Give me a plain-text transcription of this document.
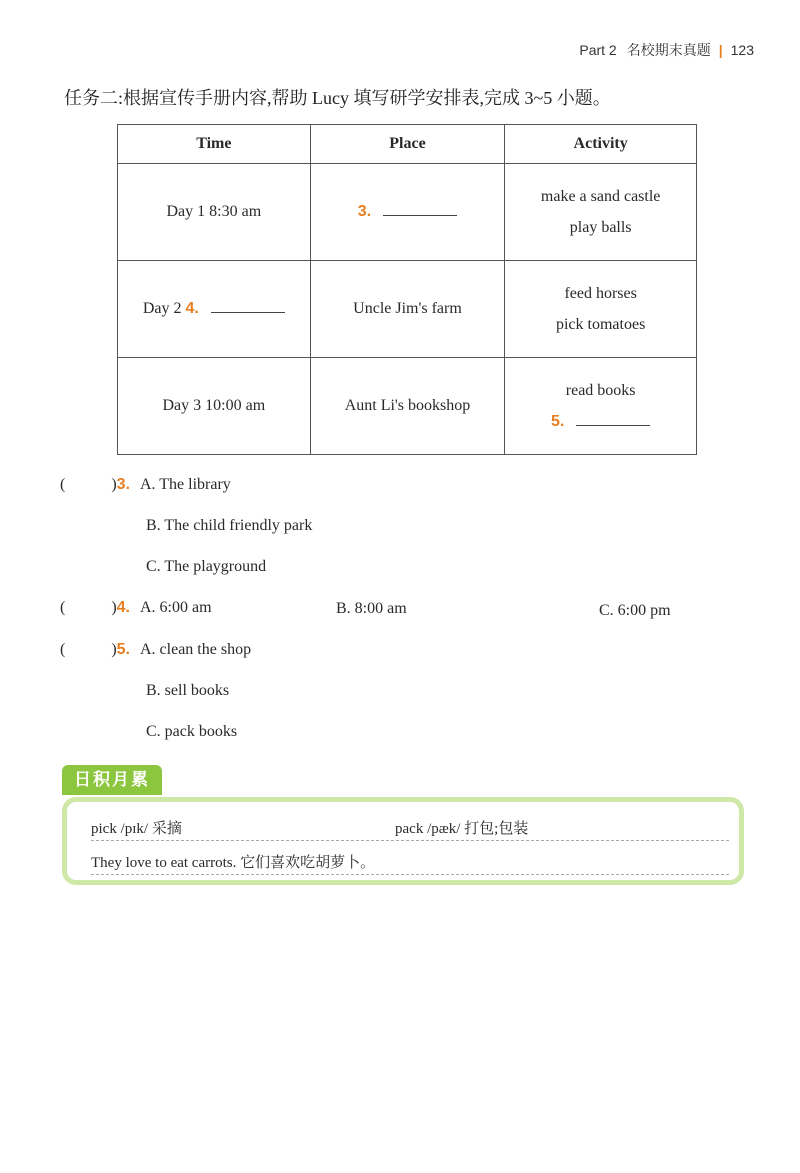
Part 2 名校期末真题 | 123
任务二:根据宣传手册内容,帮助 Lucy 填写研学安排表,完成 3~5 小题。
Time	Place	Activity
Day 1 8:30 am	3.	make a sand castle
play balls

Day 2 4.	Uncle Jim's farm	feed horses
pick tomatoes

Day 3 10:00 am	Aunt Li's bookshop	read books
5.
(	)3. A. The library
B. The child friendly park
C. The playground
(	)4. A. 6:00 am	B. 8:00 am	C. 6:00 pm
(	)5. A. clean the shop
B. sell books
C. pack books
日积月累
pick /pɪk/ 采摘	pack /pæk/ 打包;包装
They love to eat carrots. 它们喜欢吃胡萝卜。
